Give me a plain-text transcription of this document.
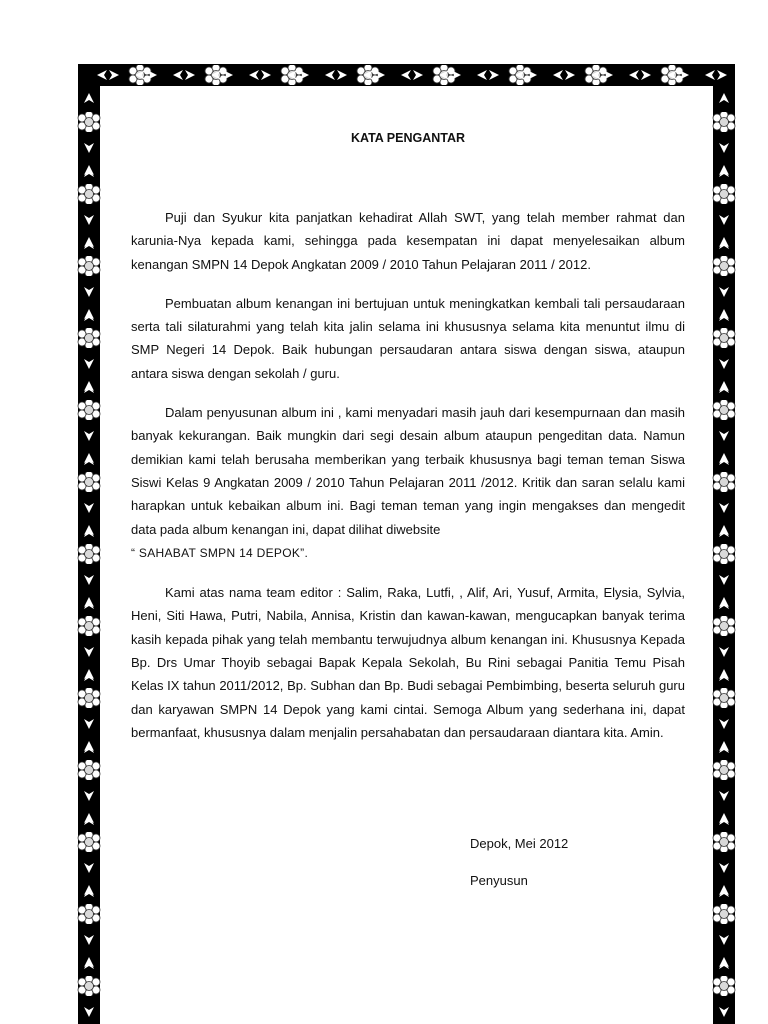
KATA PENGANTAR

Puji dan Syukur kita panjatkan kehadirat Allah SWT, yang telah member rahmat dan karunia-Nya kepada kami, sehingga pada kesempatan ini dapat menyelesaikan album kenangan SMPN 14 Depok Angkatan 2009 / 2010 Tahun Pelajaran 2011 / 2012.

Pembuatan album kenangan ini bertujuan untuk meningkatkan kembali tali persaudaraan serta tali silaturahmi yang telah kita jalin selama ini khususnya selama kita menuntut ilmu di SMP Negeri 14 Depok. Baik hubungan persaudaran antara siswa dengan siswa, ataupun antara siswa dengan sekolah / guru.

Dalam penyusunan album ini , kami menyadari masih jauh dari kesempurnaan dan masih banyak kekurangan. Baik mungkin dari segi desain album ataupun pengeditan data. Namun demikian kami telah berusaha memberikan yang terbaik khususnya bagi teman teman Siswa Siswi Kelas 9 Angkatan 2009 / 2010 Tahun Pelajaran 2011 /2012. Kritik dan saran selalu kami harapkan untuk kebaikan album ini. Bagi teman teman yang ingin mengakses dan mengedit data pada album kenangan ini, dapat dilihat diwebsite
“ SAHABAT SMPN 14 DEPOK”.

Kami atas nama team editor : Salim, Raka, Lutfi, , Alif, Ari, Yusuf, Armita, Elysia, Sylvia, Heni, Siti Hawa, Putri, Nabila, Annisa, Kristin dan kawan-kawan, mengucapkan banyak terima kasih kepada pihak yang telah membantu terwujudnya album kenangan ini. Khususnya Kepada Bp. Drs Umar Thoyib sebagai Bapak Kepala Sekolah, Bu Rini sebagai Panitia Temu Pisah Kelas IX tahun 2011/2012, Bp. Subhan dan Bp. Budi sebagai Pembimbing, beserta seluruh guru dan karyawan SMPN 14 Depok yang kami cintai. Semoga Album yang sederhana ini, dapat bermanfaat, khususnya dalam menjalin persahabatan dan persaudaraan diantara kita. Amin.

Depok, Mei 2012
Penyusun
